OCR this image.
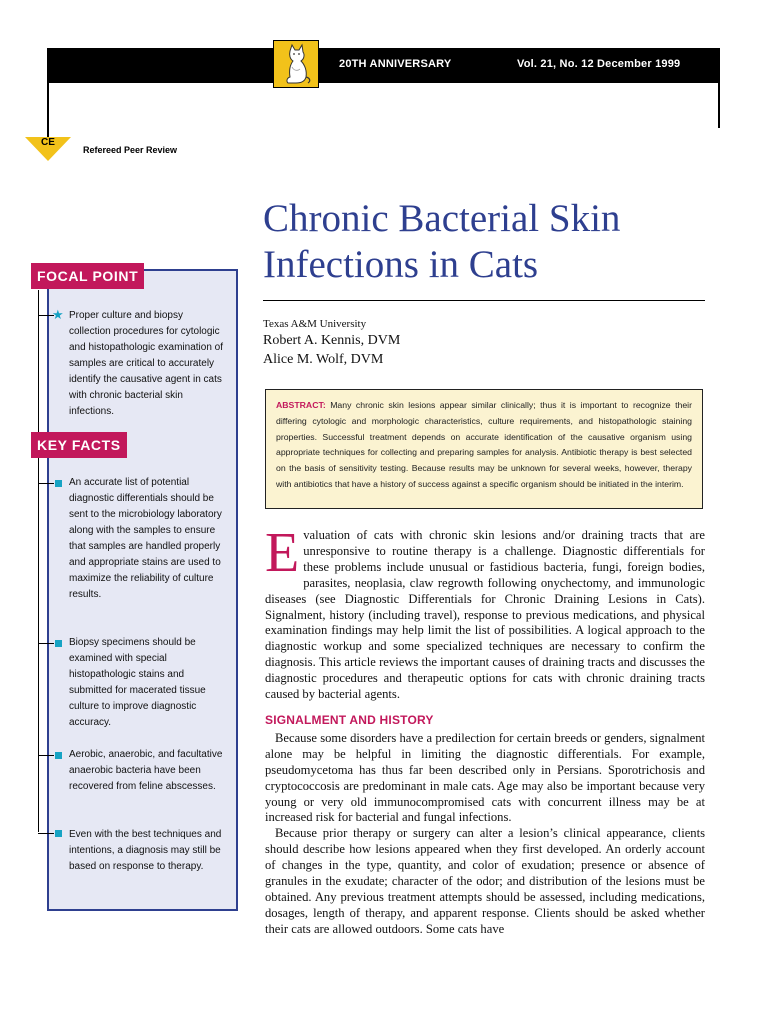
20TH ANNIVERSARY	Vol. 21, No. 12 December 1999
CE
Refereed Peer Review
Chronic Bacterial Skin
Infections in Cats
Texas A&M University
Robert A. Kennis, DVM
Alice M. Wolf, DVM
ABSTRACT: Many chronic skin lesions appear similar clinically; thus it is important to recognize their differing cytologic and morphologic characteristics, culture requirements, and histopathologic staining properties. Successful treatment depends on accurate identification of the causative organism using appropriate techniques for collecting and preparing samples for analysis. Antibiotic therapy is best selected on the basis of sensitivity testing. Because results may be unknown for several weeks, however, therapy with antibiotics that have a history of success against a specific organism should be initiated in the interim.

Evaluation of cats with chronic skin lesions and/or draining tracts that are unresponsive to routine therapy is a challenge. Diagnostic differentials for these problems include unusual or fastidious bacteria, fungi, foreign bodies, parasites, neoplasia, claw regrowth following onychectomy, and immunologic diseases (see Diagnostic Differentials for Chronic Draining Lesions in Cats). Signalment, history (including travel), response to previous medications, and physical examination findings may help limit the list of possibilities. A logical approach to the diagnostic workup and some specialized techniques are necessary to confirm the diagnosis. This article reviews the important causes of draining tracts and discusses the diagnostic procedures and therapeutic options for cats with chronic draining tracts caused by bacterial agents.

SIGNALMENT AND HISTORY

Because some disorders have a predilection for certain breeds or genders, signalment alone may be helpful in limiting the diagnostic differentials. For example, pseudomycetoma has thus far been described only in Persians. Sporotrichosis and cryptococcosis are predominant in male cats. Age may also be important because very young or very old immunocompromised cats with concurrent illness may be at increased risk for bacterial and fungal infections.

Because prior therapy or surgery can alter a lesion’s clinical appearance, clients should describe how lesions appeared when they first developed. An orderly account of changes in the type, quantity, and color of exudation; presence or absence of granules in the exudate; character of the odor; and distribution of the lesions must be obtained. Any previous treatment attempts should be assessed, including medications, dosages, length of therapy, and apparent response. Clients should be asked whether their cats are allowed outdoors. Some cats have

FOCAL POINT
★ Proper culture and biopsy collection procedures for cytologic and histopathologic examination of samples are critical to accurately identify the causative agent in cats with chronic bacterial skin infections.
KEY FACTS
An accurate list of potential diagnostic differentials should be sent to the microbiology laboratory along with the samples to ensure that samples are handled properly and appropriate stains are used to maximize the reliability of culture results.
Biopsy specimens should be examined with special histopathologic stains and submitted for macerated tissue culture to improve diagnostic accuracy.
Aerobic, anaerobic, and facultative anaerobic bacteria have been recovered from feline abscesses.
Even with the best techniques and intentions, a diagnosis may still be based on response to therapy.
